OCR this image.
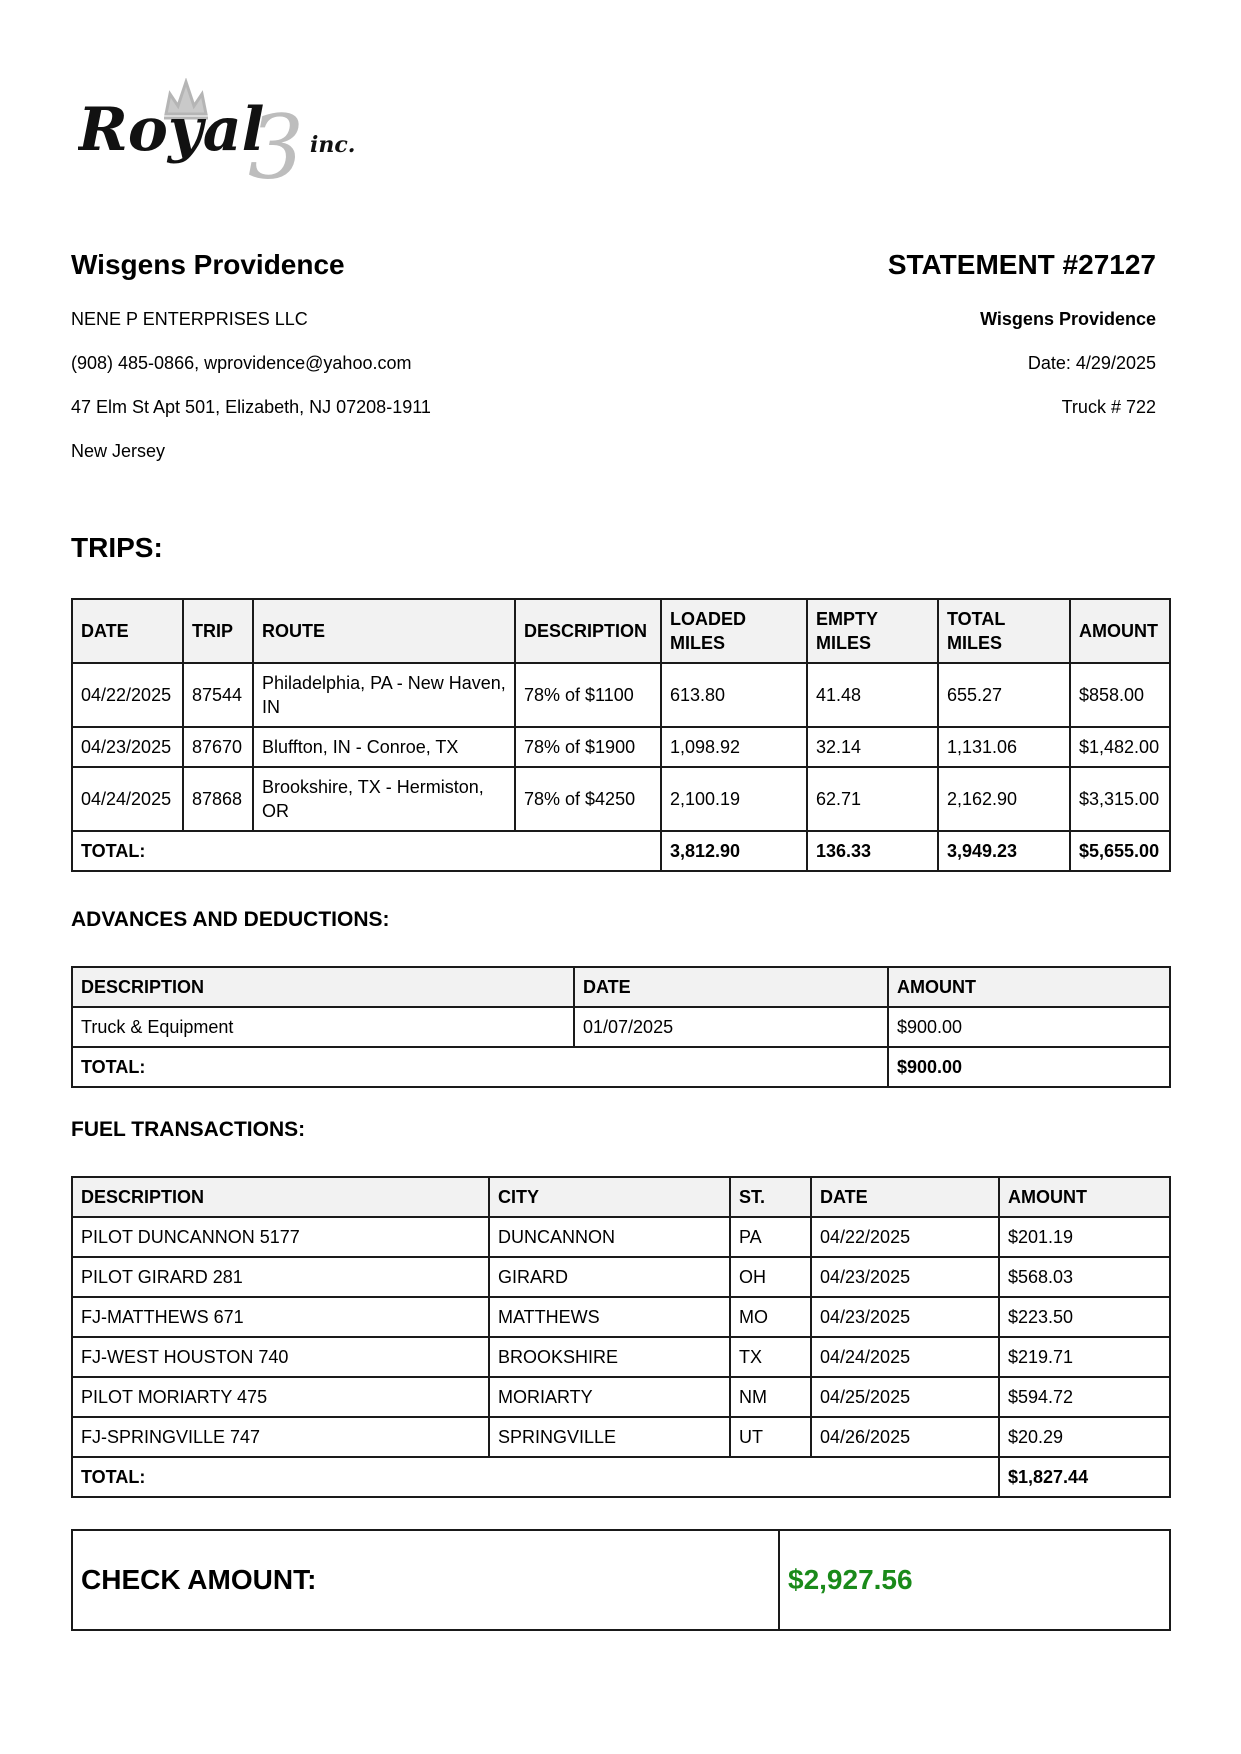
3
Royal inc.

Wisgens Providence

NENE P ENTERPRISES LLC

(908) 485-0866, wprovidence@yahoo.com

47 Elm St Apt 501, Elizabeth, NJ 07208-1911

New Jersey

STATEMENT #27127

Wisgens Providence

Date: 4/29/2025

Truck # 722

TRIPS:

DATE	TRIP	ROUTE	DESCRIPTION	LOADED MILES	EMPTY MILES	TOTAL MILES	AMOUNT
04/22/2025	87544	Philadelphia, PA - New Haven, IN	78% of $1100	613.80	41.48	655.27	$858.00
04/23/2025	87670	Bluffton, IN - Conroe, TX	78% of $1900	1,098.92	32.14	1,131.06	$1,482.00
04/24/2025	87868	Brookshire, TX - Hermiston, OR	78% of $4250	2,100.19	62.71	2,162.90	$3,315.00
TOTAL:				3,812.90	136.33	3,949.23	$5,655.00

ADVANCES AND DEDUCTIONS:

DESCRIPTION	DATE	AMOUNT
Truck & Equipment	01/07/2025	$900.00
TOTAL:		$900.00

FUEL TRANSACTIONS:

DESCRIPTION	CITY	ST.	DATE	AMOUNT
PILOT DUNCANNON 5177	DUNCANNON	PA	04/22/2025	$201.19
PILOT GIRARD 281	GIRARD	OH	04/23/2025	$568.03
FJ-MATTHEWS 671	MATTHEWS	MO	04/23/2025	$223.50
FJ-WEST HOUSTON 740	BROOKSHIRE	TX	04/24/2025	$219.71
PILOT MORIARTY 475	MORIARTY	NM	04/25/2025	$594.72
FJ-SPRINGVILLE 747	SPRINGVILLE	UT	04/26/2025	$20.29
TOTAL:				$1,827.44
CHECK AMOUNT:	$2,927.56
